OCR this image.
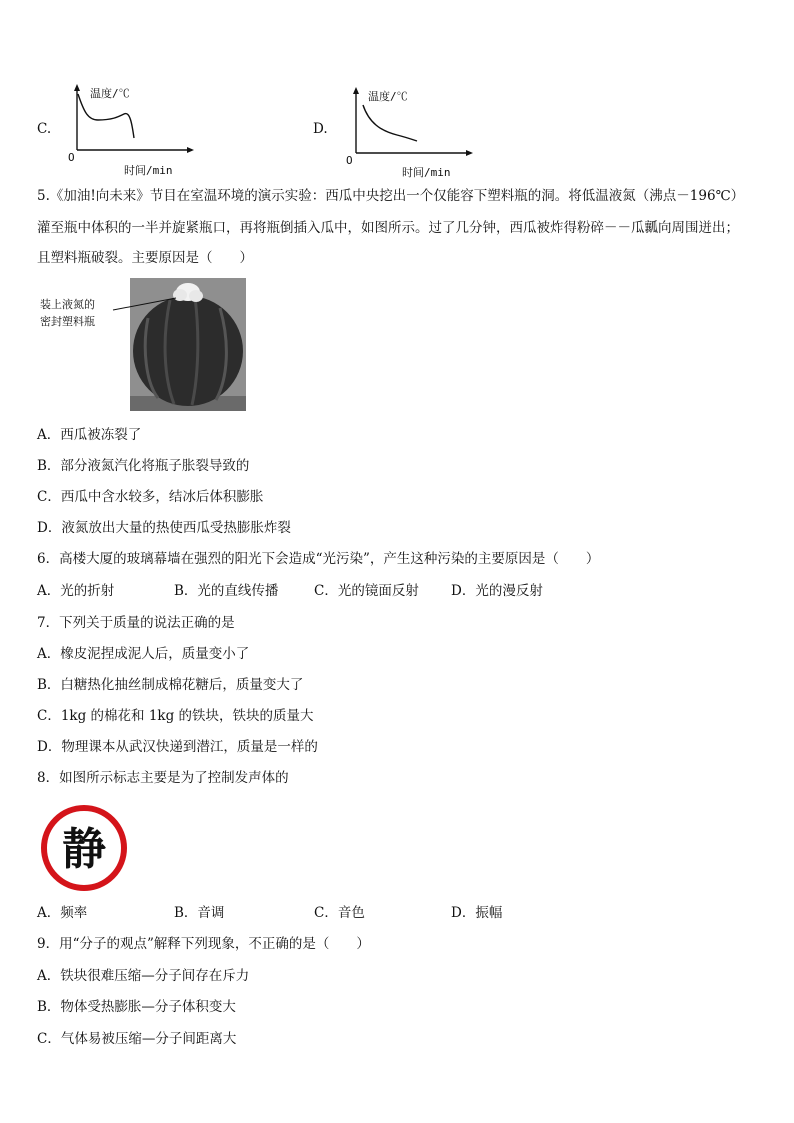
C.
温度/℃
O
时间/min
D.
温度/℃
O
时间/min
5.《加油!向未来》节目在室温环境的演示实验：西瓜中央挖出一个仅能容下塑料瓶的洞。将低温液氮（沸点－196℃）
灌至瓶中体积的一半并旋紧瓶口，再将瓶倒插入瓜中，如图所示。过了几分钟，西瓜被炸得粉碎－－瓜瓤向周围迸出；
且塑料瓶破裂。主要原因是（　　）
装上液氮的
密封塑料瓶
A．西瓜被冻裂了
B．部分液氮汽化将瓶子胀裂导致的
C．西瓜中含水较多，结冰后体积膨胀
D．液氮放出大量的热使西瓜受热膨胀炸裂
6．高楼大厦的玻璃幕墙在强烈的阳光下会造成“光污染”，产生这种污染的主要原因是（　　）
A．光的折射	B．光的直线传播	C．光的镜面反射 D．光的漫反射
7．下列关于质量的说法正确的是
A．橡皮泥捏成泥人后，质量变小了
B．白糖热化抽丝制成棉花糖后，质量变大了
C．1kg 的棉花和 1kg 的铁块，铁块的质量大
D．物理课本从武汉快递到潜江，质量是一样的
8．如图所示标志主要是为了控制发声体的
静
A．频率	B．音调	C．音色	D．振幅
9．用“分子的观点”解释下列现象，不正确的是（　　）
A．铁块很难压缩—分子间存在斥力
B．物体受热膨胀—分子体积变大
C．气体易被压缩—分子间距离大
